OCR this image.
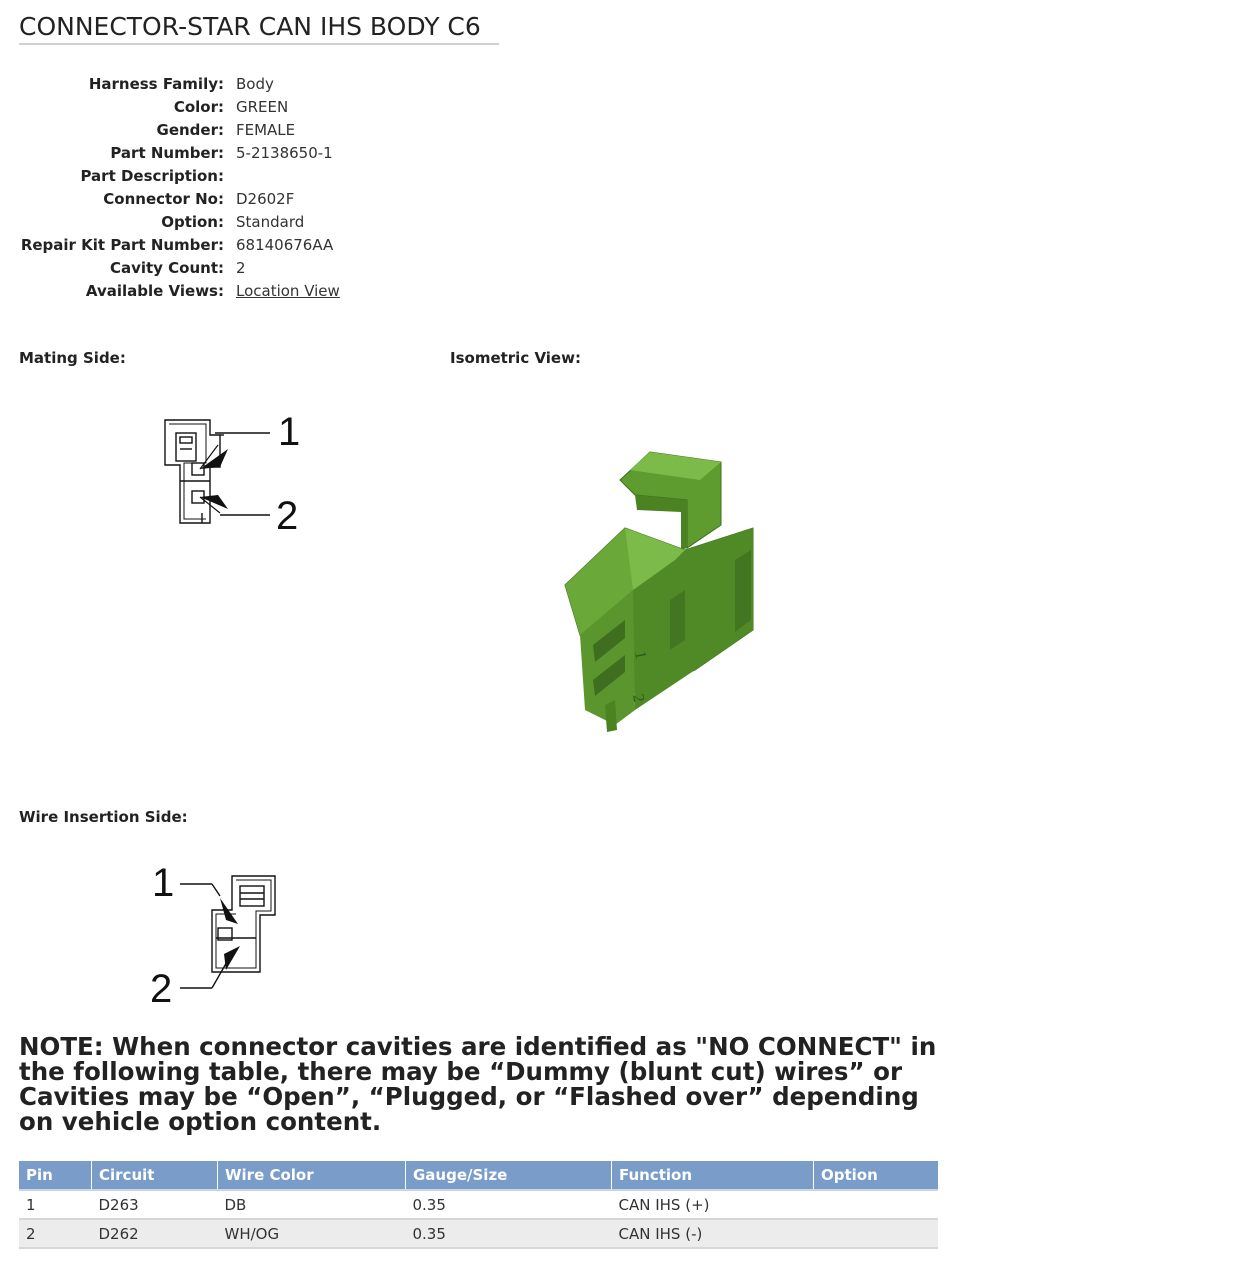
CONNECTOR-STAR CAN IHS BODY C6
Harness Family: Body
Color: GREEN
Gender: FEMALE
Part Number: 5-2138650-1
Part Description:
Connector No: D2602F
Option: Standard
Repair Kit Part Number: 68140676AA
Cavity Count: 2
Available Views: Location View
Mating Side:	Isometric View:
Wire Insertion Side:
1
2
1
2
1
2
NOTE: When connector cavities are identified as "NO CONNECT" in the following table, there may be “Dummy (blunt cut) wires” or Cavities may be “Open”, “Plugged, or “Flashed over” depending on vehicle option content.
Pin	Circuit	Wire Color	Gauge/Size	Function	Option
1	D263	DB	0.35	CAN IHS (+)	
2	D262	WH/OG	0.35	CAN IHS (-)	
